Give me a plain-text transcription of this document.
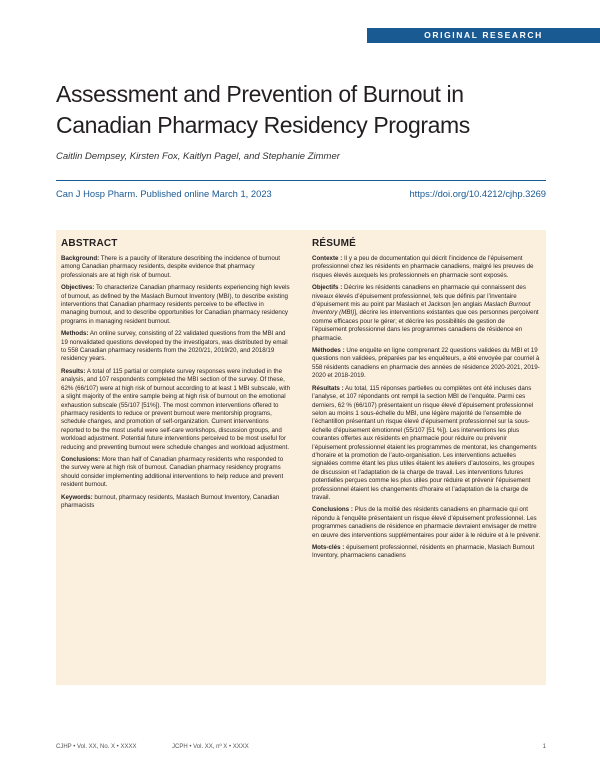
ORIGINAL RESEARCH
Assessment and Prevention of Burnout in
Canadian Pharmacy Residency Programs
Caitlin Dempsey, Kirsten Fox, Kaitlyn Pagel, and Stephanie Zimmer
Can J Hosp Pharm. Published online March 1, 2023	https://doi.org/10.4212/cjhp.3269
ABSTRACT

Background: There is a paucity of literature describing the incidence of burnout among Canadian pharmacy residents, despite evidence that pharmacy professionals are at high risk of burnout.

Objectives: To characterize Canadian pharmacy residents experiencing high levels of burnout, as defined by the Maslach Burnout Inventory (MBI), to describe existing interventions that Canadian pharmacy residents perceive to be effective in managing burnout, and to describe opportunities for Canadian pharmacy residency programs in managing resident burnout.

Methods: An online survey, consisting of 22 validated questions from the MBI and 19 nonvalidated questions developed by the investigators, was distributed by email to 558 Canadian pharmacy residents from the 2020/21, 2019/20, and 2018/19 residency years.

Results: A total of 115 partial or complete survey responses were included in the analysis, and 107 respondents completed the MBI section of the survey. Of these, 62% (66/107) were at high risk of burnout according to at least 1 MBI subscale, with a slight majority of the entire sample being at high risk of burnout on the emotional exhaustion subscale (55/107 [51%]). The most common interventions offered to pharmacy residents to reduce or prevent burnout were mentorship programs, schedule changes, and promotion of self-organization. Current interventions reported to be the most useful were self-care workshops, discussion groups, and workload adjustment. Potential future interventions perceived to be most useful for reducing and preventing burnout were schedule changes and workload adjustment.

Conclusions: More than half of Canadian pharmacy residents who responded to the survey were at high risk of burnout. Canadian pharmacy residency programs should consider implementing additional interventions to help reduce and prevent resident burnout.

Keywords: burnout, pharmacy residents, Maslach Burnout Inventory, Canadian pharmacists

RÉSUMÉ

Contexte : Il y a peu de documentation qui décrit l’incidence de l’épuisement professionnel chez les résidents en pharmacie canadiens, malgré les preuves de risques élevés auxquels les professionnels en pharmacie sont exposés.

Objectifs : Décrire les résidents canadiens en pharmacie qui connaissent des niveaux élevés d’épuisement professionnel, tels que définis par l’inventaire d’épuisement mis au point par Maslach et Jackson [en anglais Maslach Burnout Inventory (MBI)], décrire les interventions existantes que ces personnes perçoivent comme efficaces pour le gérer; et décrire les possibilités de gestion de l’épuisement professionnel dans les programmes canadiens de résidence en pharmacie.

Méthodes : Une enquête en ligne comprenant 22 questions validées du MBI et 19 questions non validées, préparées par les enquêteurs, a été envoyée par courriel à 558 résidents canadiens en pharmacie des années de résidence 2020-2021, 2019-2020 et 2018-2019.

Résultats : Au total, 115 réponses partielles ou complètes ont été incluses dans l’analyse, et 107 répondants ont rempli la section MBI de l’enquête. Parmi ces derniers, 62 % (66/107) présentaient un risque élevé d’épuisement professionnel selon au moins 1 sous-échelle du MBI, une légère majorité de l’ensemble de l’échantillon présentant un risque élevé d’épuisement professionnel sur la sous-échelle d’épuisement émotionnel (55/107 [51 %]). Les interventions les plus courantes offertes aux résidents en pharmacie pour réduire ou prévenir l’épuisement professionnel étaient les programmes de mentorat, les changements d’horaire et la promotion de l’auto-organisation. Les interventions actuelles signalées comme étant les plus utiles étaient les ateliers d’autosoins, les groupes de discussion et l’adaptation de la charge de travail. Les interventions futures potentielles perçues comme les plus utiles pour réduire et prévenir l’épuisement professionnel étaient les changements d’horaire et l’adaptation de la charge de travail.

Conclusions : Plus de la moitié des résidents canadiens en pharmacie qui ont répondu à l’enquête présentaient un risque élevé d’épuisement professionnel. Les programmes canadiens de résidence en pharmacie devraient envisager de mettre en œuvre des interventions supplémentaires pour aider à le réduire et à le prévenir.

Mots-clés : épuisement professionnel, résidents en pharmacie, Maslach Burnout Inventory, pharmaciens canadiens

CJHP • Vol. XX, No. X • XXXX	JCPH • Vol. XX, nº X • XXXX	1
